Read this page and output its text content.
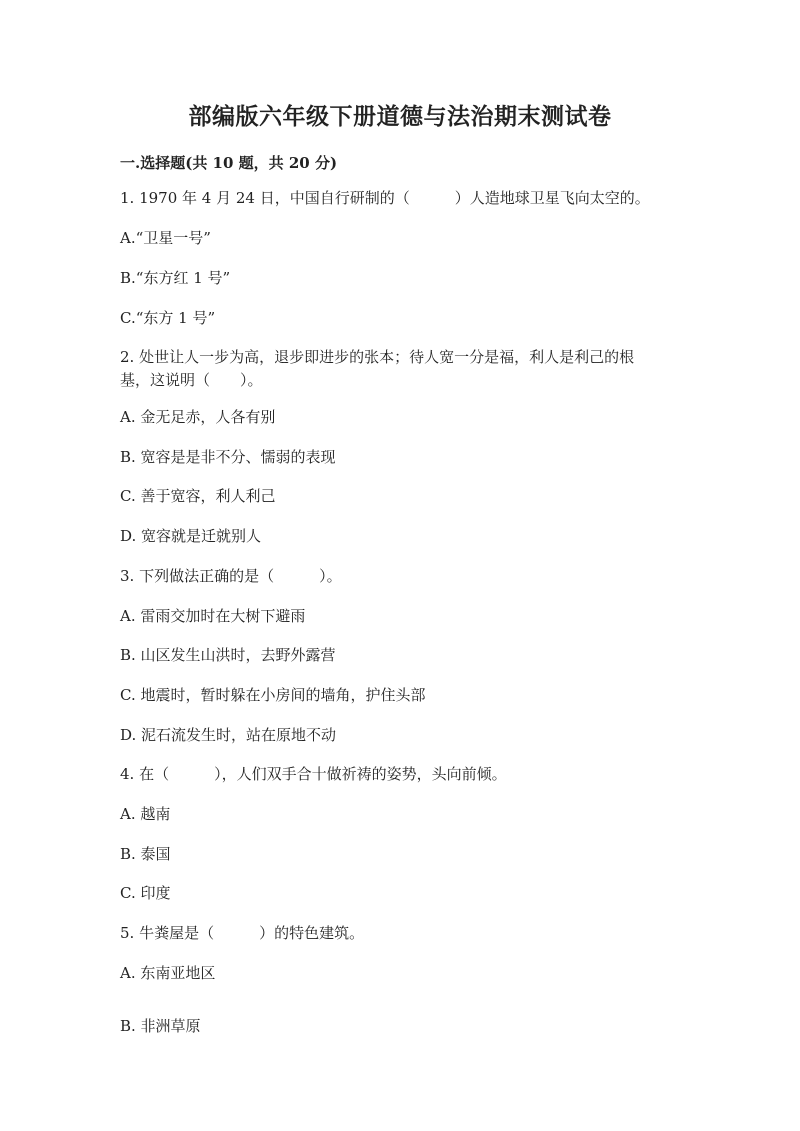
部编版六年级下册道德与法治期末测试卷
一.选择题(共 10 题，共 20 分)
1. 1970 年 4 月 24 日，中国自行研制的（　　　）人造地球卫星飞向太空的。
A.“卫星一号”
B.“东方红 1 号”
C.“东方 1 号”
2. 处世让人一步为高，退步即进步的张本；待人宽一分是福，利人是利己的根
基，这说明（　　）。
A. 金无足赤，人各有别
B. 宽容是是非不分、懦弱的表现
C. 善于宽容，利人利己
D. 宽容就是迁就别人
3. 下列做法正确的是（　　　）。
A. 雷雨交加时在大树下避雨
B. 山区发生山洪时，去野外露营
C. 地震时，暂时躲在小房间的墙角，护住头部
D. 泥石流发生时，站在原地不动
4. 在（　　　），人们双手合十做祈祷的姿势，头向前倾。
A. 越南
B. 泰国
C. 印度
5. 牛粪屋是（　　　）的特色建筑。
A. 东南亚地区
B. 非洲草原
